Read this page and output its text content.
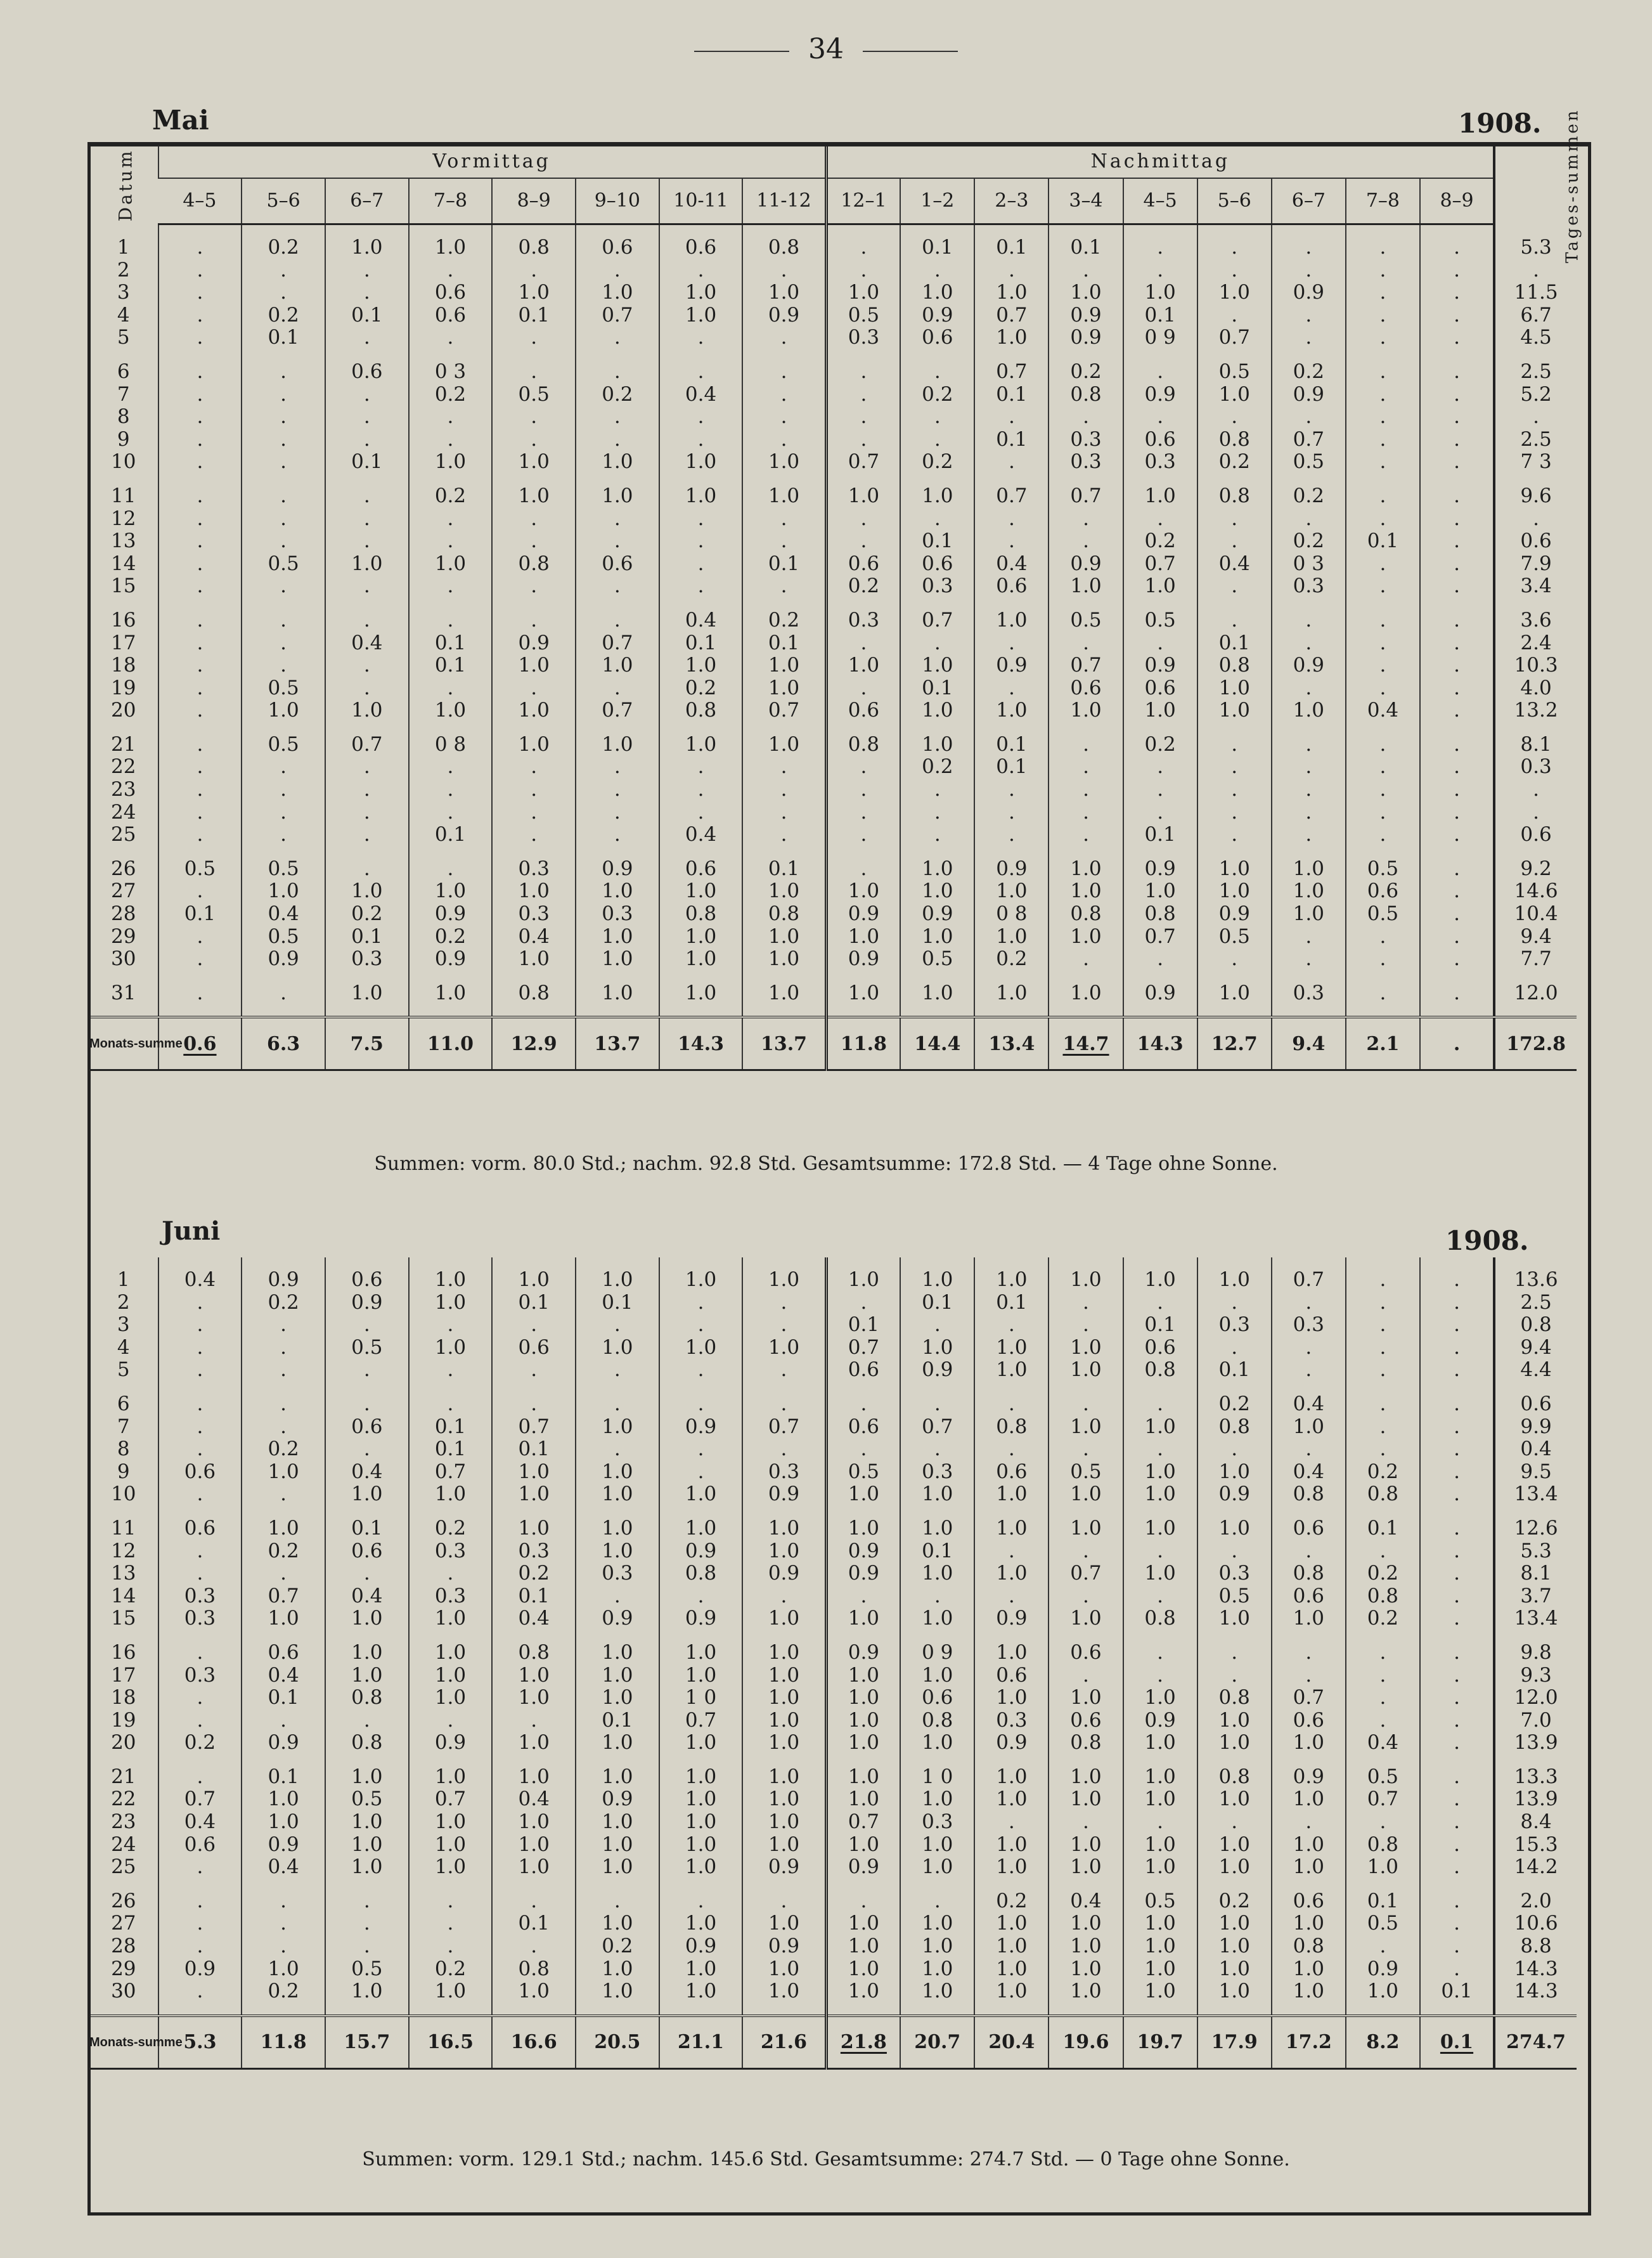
34
Mai	1908.
Datum	Vormittag								Nachmittag									Tages-summen
	4–5	5–6	6–7	7–8	8–9	9–10	10-11	11-12	12–1	1–2	2–3	3–4	4–5	5–6	6–7	7–8	8–9	

1	.	0.2	1.0	1.0	0.8	0.6	0.6	0.8	.	0.1	0.1	0.1	.	.	.	.	.	5.3
2	.	.	.	.	.	.	.	.	.	.	.	.	.	.	.	.	.	.
3	.	.	.	0.6	1.0	1.0	1.0	1.0	1.0	1.0	1.0	1.0	1.0	1.0	0.9	.	.	11.5
4	.	0.2	0.1	0.6	0.1	0.7	1.0	0.9	0.5	0.9	0.7	0.9	0.1	.	.	.	.	6.7
5	.	0.1	.	.	.	.	.	.	0.3	0.6	1.0	0.9	0 9	0.7	.	.	.	4.5

6	.	.	0.6	0 3	.	.	.	.	.	.	0.7	0.2	.	0.5	0.2	.	.	2.5
7	.	.	.	0.2	0.5	0.2	0.4	.	.	0.2	0.1	0.8	0.9	1.0	0.9	.	.	5.2
8	.	.	.	.	.	.	.	.	.	.	.	.	.	.	.	.	.	.
9	.	.	.	.	.	.	.	.	.	.	0.1	0.3	0.6	0.8	0.7	.	.	2.5
10	.	.	0.1	1.0	1.0	1.0	1.0	1.0	0.7	0.2	.	0.3	0.3	0.2	0.5	.	.	7 3

11	.	.	.	0.2	1.0	1.0	1.0	1.0	1.0	1.0	0.7	0.7	1.0	0.8	0.2	.	.	9.6
12	.	.	.	.	.	.	.	.	.	.	.	.	.	.	.	.	.	.
13	.	.	.	.	.	.	.	.	.	0.1	.	.	0.2	.	0.2	0.1	.	0.6
14	.	0.5	1.0	1.0	0.8	0.6	.	0.1	0.6	0.6	0.4	0.9	0.7	0.4	0 3	.	.	7.9
15	.	.	.	.	.	.	.	.	0.2	0.3	0.6	1.0	1.0	.	0.3	.	.	3.4

16	.	.	.	.	.	.	0.4	0.2	0.3	0.7	1.0	0.5	0.5	.	.	.	.	3.6
17	.	.	0.4	0.1	0.9	0.7	0.1	0.1	.	.	.	.	.	0.1	.	.	.	2.4
18	.	.	.	0.1	1.0	1.0	1.0	1.0	1.0	1.0	0.9	0.7	0.9	0.8	0.9	.	.	10.3
19	.	0.5	.	.	.	.	0.2	1.0	.	0.1	.	0.6	0.6	1.0	.	.	.	4.0
20	.	1.0	1.0	1.0	1.0	0.7	0.8	0.7	0.6	1.0	1.0	1.0	1.0	1.0	1.0	0.4	.	13.2

21	.	0.5	0.7	0 8	1.0	1.0	1.0	1.0	0.8	1.0	0.1	.	0.2	.	.	.	.	8.1
22	.	.	.	.	.	.	.	.	.	0.2	0.1	.	.	.	.	.	.	0.3
23	.	.	.	.	.	.	.	.	.	.	.	.	.	.	.	.	.	.
24	.	.	.	.	.	.	.	.	.	.	.	.	.	.	.	.	.	.
25	.	.	.	0.1	.	.	0.4	.	.	.	.	.	0.1	.	.	.	.	0.6

26	0.5	0.5	.	.	0.3	0.9	0.6	0.1	.	1.0	0.9	1.0	0.9	1.0	1.0	0.5	.	9.2
27	.	1.0	1.0	1.0	1.0	1.0	1.0	1.0	1.0	1.0	1.0	1.0	1.0	1.0	1.0	0.6	.	14.6
28	0.1	0.4	0.2	0.9	0.3	0.3	0.8	0.8	0.9	0.9	0 8	0.8	0.8	0.9	1.0	0.5	.	10.4
29	.	0.5	0.1	0.2	0.4	1.0	1.0	1.0	1.0	1.0	1.0	1.0	0.7	0.5	.	.	.	9.4
30	.	0.9	0.3	0.9	1.0	1.0	1.0	1.0	0.9	0.5	0.2	.	.	.	.	.	.	7.7

31	.	.	1.0	1.0	0.8	1.0	1.0	1.0	1.0	1.0	1.0	1.0	0.9	1.0	0.3	.	.	12.0

Monats-summe	0.6	6.3	7.5	11.0	12.9	13.7	14.3	13.7	11.8	14.4	13.4	14.7	14.3	12.7	9.4	2.1	.	172.8
Summen: vorm. 80.0 Std.; nachm. 92.8 Std. Gesamtsumme: 172.8 Std. — 4 Tage ohne Sonne.
Juni	1908.

1	0.4	0.9	0.6	1.0	1.0	1.0	1.0	1.0	1.0	1.0	1.0	1.0	1.0	1.0	0.7	.	.	13.6
2	.	0.2	0.9	1.0	0.1	0.1	.	.	.	0.1	0.1	.	.	.	.	.	.	2.5
3	.	.	.	.	.	.	.	.	0.1	.	.	.	0.1	0.3	0.3	.	.	0.8
4	.	.	0.5	1.0	0.6	1.0	1.0	1.0	0.7	1.0	1.0	1.0	0.6	.	.	.	.	9.4
5	.	.	.	.	.	.	.	.	0.6	0.9	1.0	1.0	0.8	0.1	.	.	.	4.4

6	.	.	.	.	.	.	.	.	.	.	.	.	.	0.2	0.4	.	.	0.6
7	.	.	0.6	0.1	0.7	1.0	0.9	0.7	0.6	0.7	0.8	1.0	1.0	0.8	1.0	.	.	9.9
8	.	0.2	.	0.1	0.1	.	.	.	.	.	.	.	.	.	.	.	.	0.4
9	0.6	1.0	0.4	0.7	1.0	1.0	.	0.3	0.5	0.3	0.6	0.5	1.0	1.0	0.4	0.2	.	9.5
10	.	.	1.0	1.0	1.0	1.0	1.0	0.9	1.0	1.0	1.0	1.0	1.0	0.9	0.8	0.8	.	13.4

11	0.6	1.0	0.1	0.2	1.0	1.0	1.0	1.0	1.0	1.0	1.0	1.0	1.0	1.0	0.6	0.1	.	12.6
12	.	0.2	0.6	0.3	0.3	1.0	0.9	1.0	0.9	0.1	.	.	.	.	.	.	.	5.3
13	.	.	.	.	0.2	0.3	0.8	0.9	0.9	1.0	1.0	0.7	1.0	0.3	0.8	0.2	.	8.1
14	0.3	0.7	0.4	0.3	0.1	.	.	.	.	.	.	.	.	0.5	0.6	0.8	.	3.7
15	0.3	1.0	1.0	1.0	0.4	0.9	0.9	1.0	1.0	1.0	0.9	1.0	0.8	1.0	1.0	0.2	.	13.4

16	.	0.6	1.0	1.0	0.8	1.0	1.0	1.0	0.9	0 9	1.0	0.6	.	.	.	.	.	9.8
17	0.3	0.4	1.0	1.0	1.0	1.0	1.0	1.0	1.0	1.0	0.6	.	.	.	.	.	.	9.3
18	.	0.1	0.8	1.0	1.0	1.0	1 0	1.0	1.0	0.6	1.0	1.0	1.0	0.8	0.7	.	.	12.0
19	.	.	.	.	.	0.1	0.7	1.0	1.0	0.8	0.3	0.6	0.9	1.0	0.6	.	.	7.0
20	0.2	0.9	0.8	0.9	1.0	1.0	1.0	1.0	1.0	1.0	0.9	0.8	1.0	1.0	1.0	0.4	.	13.9

21	.	0.1	1.0	1.0	1.0	1.0	1.0	1.0	1.0	1 0	1.0	1.0	1.0	0.8	0.9	0.5	.	13.3
22	0.7	1.0	0.5	0.7	0.4	0.9	1.0	1.0	1.0	1.0	1.0	1.0	1.0	1.0	1.0	0.7	.	13.9
23	0.4	1.0	1.0	1.0	1.0	1.0	1.0	1.0	0.7	0.3	.	.	.	.	.	.	.	8.4
24	0.6	0.9	1.0	1.0	1.0	1.0	1.0	1.0	1.0	1.0	1.0	1.0	1.0	1.0	1.0	0.8	.	15.3
25	.	0.4	1.0	1.0	1.0	1.0	1.0	0.9	0.9	1.0	1.0	1.0	1.0	1.0	1.0	1.0	.	14.2

26	.	.	.	.	.	.	.	.	.	.	0.2	0.4	0.5	0.2	0.6	0.1	.	2.0
27	.	.	.	.	0.1	1.0	1.0	1.0	1.0	1.0	1.0	1.0	1.0	1.0	1.0	0.5	.	10.6
28	.	.	.	.	.	0.2	0.9	0.9	1.0	1.0	1.0	1.0	1.0	1.0	0.8	.	.	8.8
29	0.9	1.0	0.5	0.2	0.8	1.0	1.0	1.0	1.0	1.0	1.0	1.0	1.0	1.0	1.0	0.9	.	14.3
30	.	0.2	1.0	1.0	1.0	1.0	1.0	1.0	1.0	1.0	1.0	1.0	1.0	1.0	1.0	1.0	0.1	14.3

Monats-summe	5.3	11.8	15.7	16.5	16.6	20.5	21.1	21.6	21.8	20.7	20.4	19.6	19.7	17.9	17.2	8.2	0.1	274.7
Summen: vorm. 129.1 Std.; nachm. 145.6 Std. Gesamtsumme: 274.7 Std. — 0 Tage ohne Sonne.
